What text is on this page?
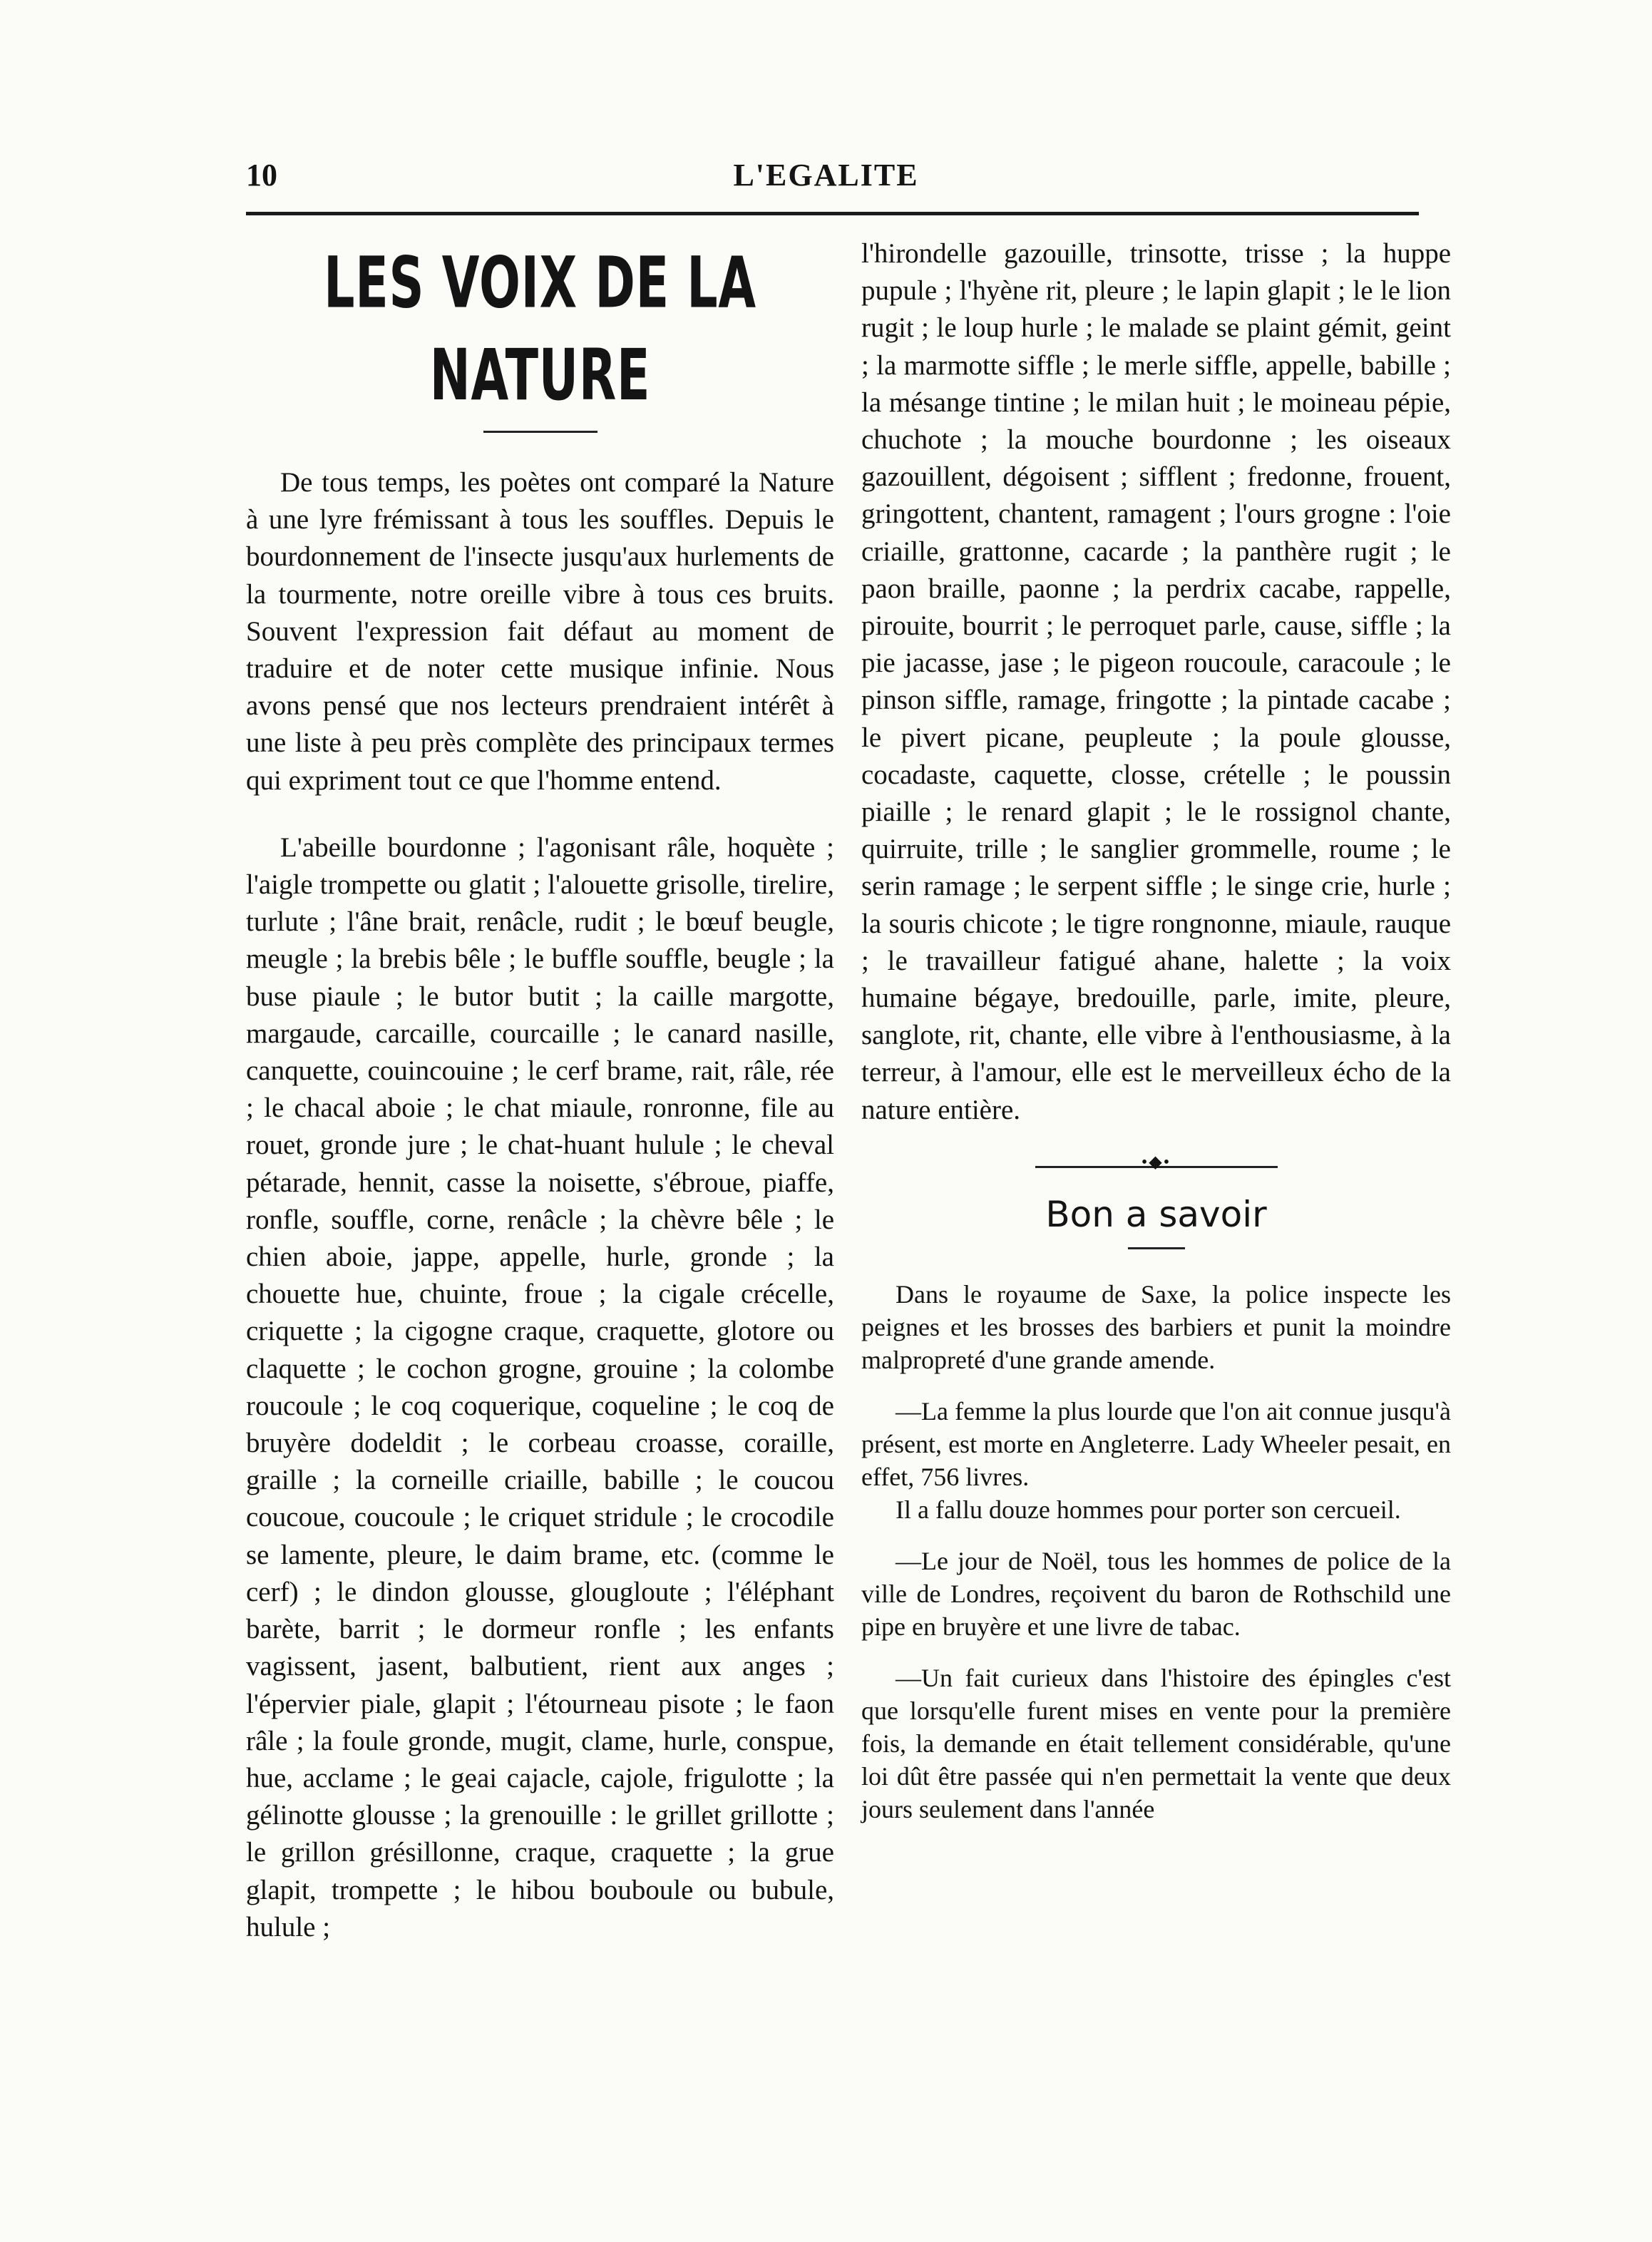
10	L'EGALITE
LES VOIX DE LA NATURE

De tous temps, les poètes ont comparé la Nature à une lyre frémissant à tous les souffles. Depuis le bourdonnement de l'insecte jusqu'aux hurlements de la tourmente, notre oreille vibre à tous ces bruits. Souvent l'expression fait défaut au moment de traduire et de noter cette musique infinie. Nous avons pensé que nos lecteurs prendraient intérêt à une liste à peu près complète des principaux termes qui expriment tout ce que l'homme entend.

L'abeille bourdonne ; l'agonisant râle, hoquète ; l'aigle trompette ou glatit ; l'alouette grisolle, tirelire, turlute ; l'âne brait, renâcle, rudit ; le bœuf beugle, meugle ; la brebis bêle ; le buffle souffle, beugle ; la buse piaule ; le butor butit ; la caille margotte, margaude, carcaille, courcaille ; le canard nasille, canquette, couincouine ; le cerf brame, rait, râle, rée ; le chacal aboie ; le chat miaule, ronronne, file au rouet, gronde jure ; le chat-huant hulule ; le cheval pétarade, hennit, casse la noisette, s'ébroue, piaffe, ronfle, souffle, corne, renâcle ; la chèvre bêle ; le chien aboie, jappe, appelle, hurle, gronde ; la chouette hue, chuinte, froue ; la cigale crécelle, criquette ; la cigogne craque, craquette, glotore ou claquette ; le cochon grogne, grouine ; la colombe roucoule ; le coq coquerique, coqueline ; le coq de bruyère dodeldit ; le corbeau croasse, coraille, graille ; la corneille criaille, babille ; le coucou coucoue, coucoule ; le criquet stridule ; le crocodile se lamente, pleure, le daim brame, etc. (comme le cerf) ; le dindon glousse, glougloute ; l'éléphant barète, barrit ; le dormeur ronfle ; les enfants vagissent, jasent, balbutient, rient aux anges ; l'épervier piale, glapit ; l'étourneau pisote ; le faon râle ; la foule gronde, mugit, clame, hurle, conspue, hue, acclame ; le geai cajacle, cajole, frigulotte ; la gélinotte glousse ; la grenouille : le grillet grillotte ; le grillon grésillonne, craque, craquette ; la grue glapit, trompette ; le hibou bouboule ou bubule, hulule ;

l'hirondelle gazouille, trinsotte, trisse ; la huppe pupule ; l'hyène rit, pleure ; le lapin glapit ; le le lion rugit ; le loup hurle ; le malade se plaint gémit, geint ; la marmotte siffle ; le merle siffle, appelle, babille ; la mésange tintine ; le milan huit ; le moineau pépie, chuchote ; la mouche bourdonne ; les oiseaux gazouillent, dégoisent ; sifflent ; fredonne, frouent, gringottent, chantent, ramagent ; l'ours grogne : l'oie criaille, grattonne, cacarde ; la panthère rugit ; le paon braille, paonne ; la perdrix cacabe, rappelle, pirouite, bourrit ; le perroquet parle, cause, siffle ; la pie jacasse, jase ; le pigeon roucoule, caracoule ; le pinson siffle, ramage, fringotte ; la pintade cacabe ; le pivert picane, peupleute ; la poule glousse, cocadaste, caquette, closse, crételle ; le poussin piaille ; le renard glapit ; le le rossignol chante, quirruite, trille ; le sanglier grommelle, roume ; le serin ramage ; le serpent siffle ; le singe crie, hurle ; la souris chicote ; le tigre rongnonne, miaule, rauque ; le travailleur fatigué ahane, halette ; la voix humaine bégaye, bredouille, parle, imite, pleure, sanglote, rit, chante, elle vibre à l'enthousiasme, à la terreur, à l'amour, elle est le merveilleux écho de la nature entière.

•◆•
Bon a savoir

Dans le royaume de Saxe, la police inspecte les peignes et les brosses des barbiers et punit la moindre malpropreté d'une grande amende.

—La femme la plus lourde que l'on ait connue jusqu'à présent, est morte en Angleterre. Lady Wheeler pesait, en effet, 756 livres.

Il a fallu douze hommes pour porter son cercueil.

—Le jour de Noël, tous les hommes de police de la ville de Londres, reçoivent du baron de Rothschild une pipe en bruyère et une livre de tabac.

—Un fait curieux dans l'histoire des épingles c'est que lorsqu'elle furent mises en vente pour la première fois, la demande en était tellement considérable, qu'une loi dût être passée qui n'en permettait la vente que deux jours seulement dans l'année
